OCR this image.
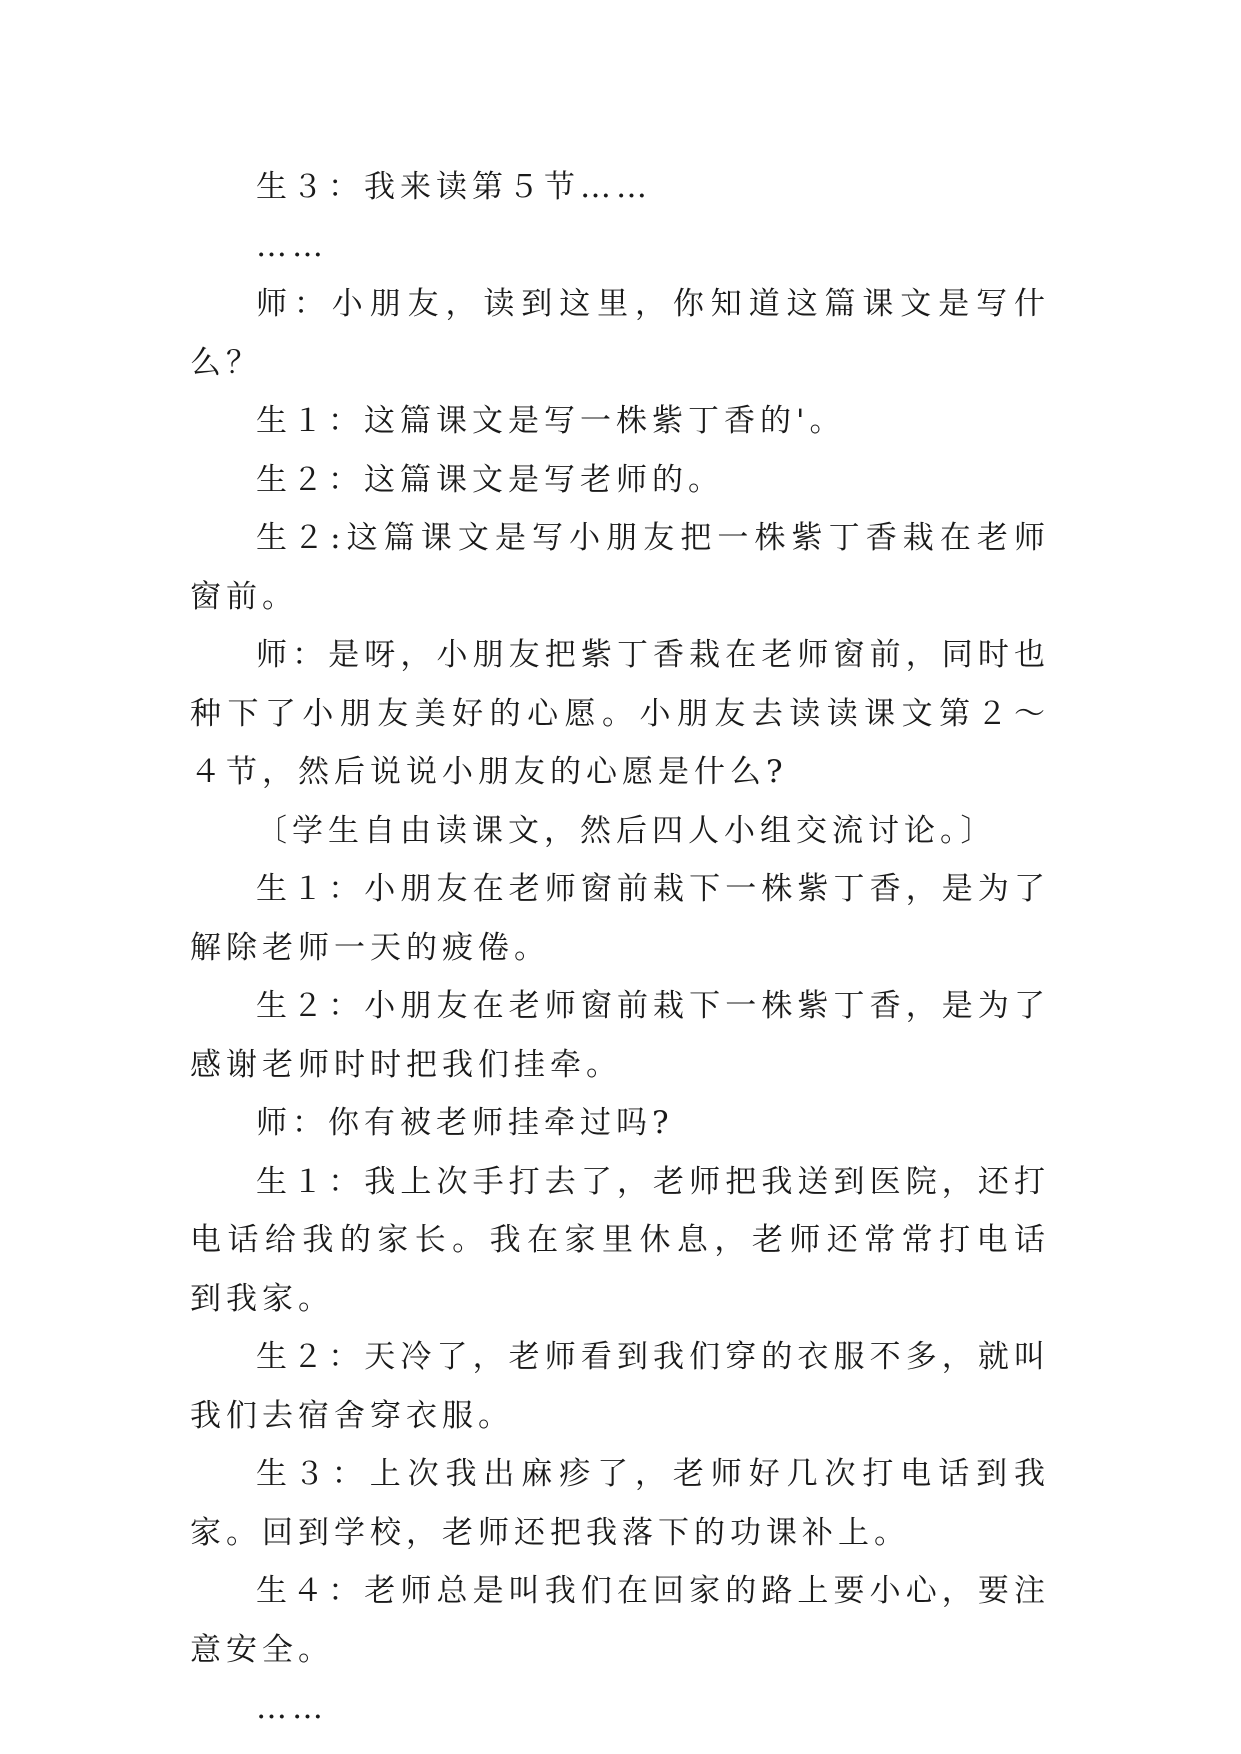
生３：我来读第５节……

……

师：小朋友，读到这里，你知道这篇课文是写什么？

生１：这篇课文是写一株紫丁香的'。

生２：这篇课文是写老师的。

生２:这篇课文是写小朋友把一株紫丁香栽在老师窗前。

师：是呀，小朋友把紫丁香栽在老师窗前，同时也种下了小朋友美好的心愿。小朋友去读读课文第２～４节，然后说说小朋友的心愿是什么?

〔学生自由读课文，然后四人小组交流讨论。〕

生１：小朋友在老师窗前栽下一株紫丁香，是为了解除老师一天的疲倦。

生２：小朋友在老师窗前栽下一株紫丁香，是为了感谢老师时时把我们挂牵。

师：你有被老师挂牵过吗?

生１：我上次手打去了，老师把我送到医院，还打电话给我的家长。我在家里休息，老师还常常打电话到我家。

生２：天冷了，老师看到我们穿的衣服不多，就叫我们去宿舍穿衣服。

生３：上次我出麻疹了，老师好几次打电话到我家。回到学校，老师还把我落下的功课补上。

生４：老师总是叫我们在回家的路上要小心，要注意安全。

……
